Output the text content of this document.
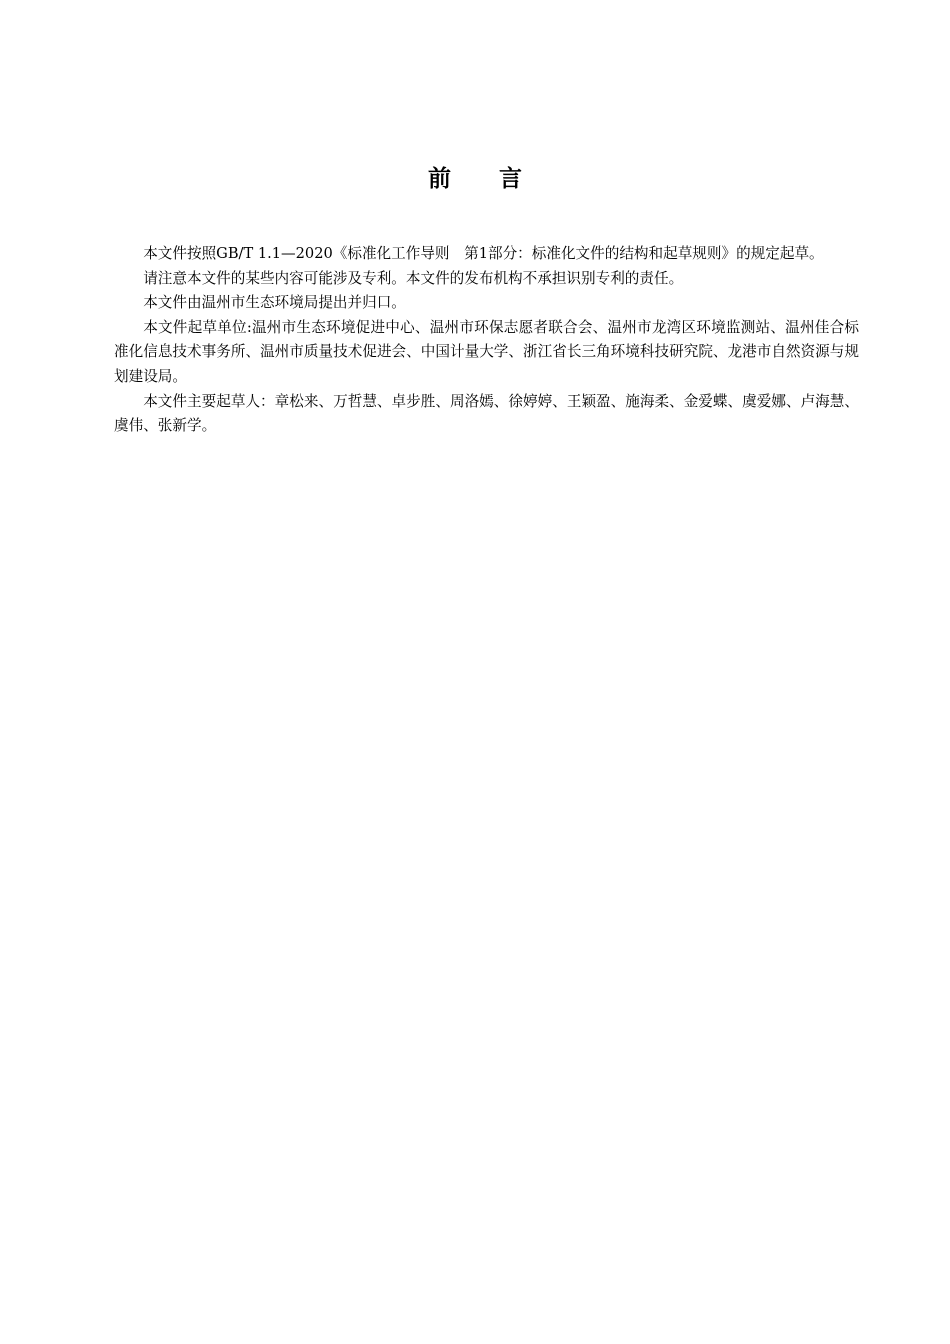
前言

本文件按照GB/T 1.1—2020《标准化工作导则　第1部分：标准化文件的结构和起草规则》的规定起草。

请注意本文件的某些内容可能涉及专利。本文件的发布机构不承担识别专利的责任。

本文件由温州市生态环境局提出并归口。

本文件起草单位:温州市生态环境促进中心、温州市环保志愿者联合会、温州市龙湾区环境监测站、温州佳合标准化信息技术事务所、温州市质量技术促进会、中国计量大学、浙江省长三角环境科技研究院、龙港市自然资源与规划建设局。

本文件主要起草人：章松来、万哲慧、卓步胜、周洛嫣、徐婷婷、王颖盈、施海柔、金爱蝶、虞爱娜、卢海慧、虞伟、张新学。
